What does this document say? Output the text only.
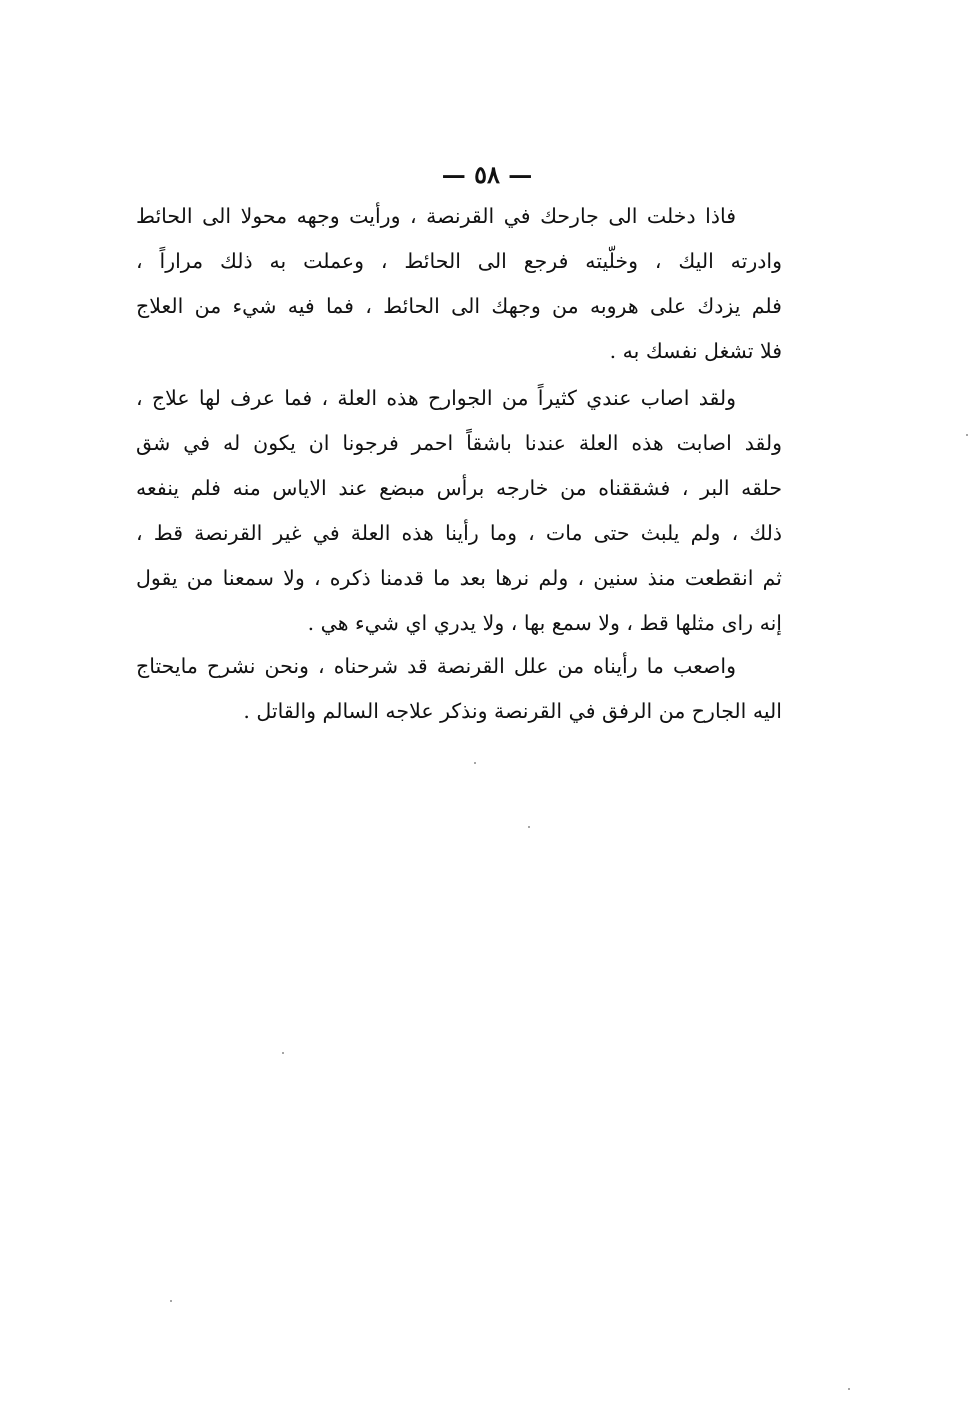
— ٥٨ —
فاذا دخلت الى جارحك في القرنصة ، ورأيت وجهه محولا الى الحائط
وادرته اليك ، وخلّيته فرجع الى الحائط ، وعملت به ذلك مراراً ،
فلم يزدك على هروبه من وجهك الى الحائط ، فما فيه شيء من العلاج
فلا تشغل نفسك به .
ولقد اصاب عندي كثيراً من الجوارح هذه العلة ، فما عرف لها علاج ،
ولقد اصابت هذه العلة عندنا باشقاً احمر فرجونا ان يكون له في شق
حلقه البر ، فشققناه من خارجه برأس مبضع عند الاياس منه فلم ينفعه
ذلك ، ولم يلبث حتى مات ، وما رأينا هذه العلة في غير القرنصة قط ،
ثم انقطعت منذ سنين ، ولم نرها بعد ما قدمنا ذكره ، ولا سمعنا من يقول
إنه راى مثلها قط ، ولا سمع بها ، ولا يدري اي شيء هي .
واصعب ما رأيناه من علل القرنصة قد شرحناه ، ونحن نشرح مايحتاج
اليه الجارح من الرفق في القرنصة ونذكر علاجه السالم والقاتل .
